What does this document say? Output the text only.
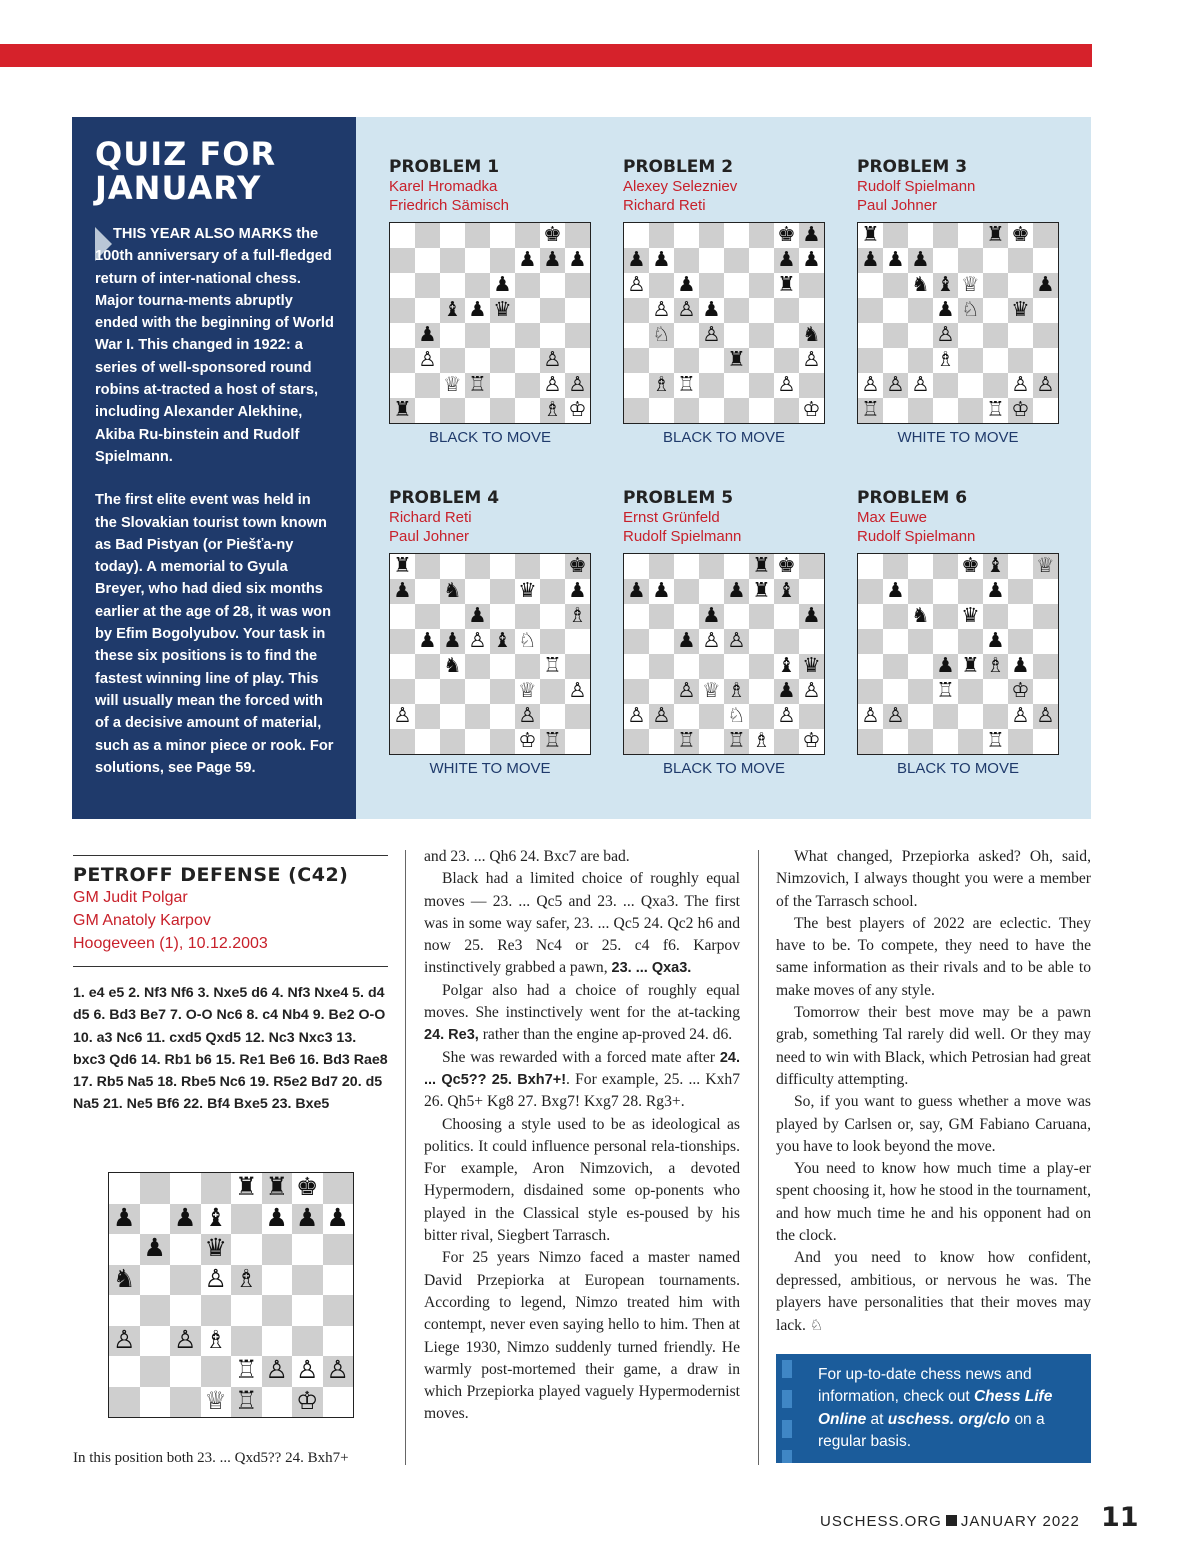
QUIZ FOR
JANUARY

THIS YEAR ALSO MARKS the 100th anniversary of a full-fledged return of inter-national chess. Major tourna-ments abruptly ended with the beginning of World War I. This changed in 1922: a series of well-sponsored round robins at-tracted a host of stars, including Alexander Alekhine, Akiba Ru-binstein and Rudolf Spielmann.

The first elite event was held in the Slovakian tourist town known as Bad Pistyan (or Piešťa-ny today). A memorial to Gyula Breyer, who had died six months earlier at the age of 28, it was won by Efim Bogolyubov. Your task in these six positions is to find the fastest winning line of play. This will usually mean the forced with of a decisive amount of material, such as a minor piece or rook. For solutions, see Page 59.

PROBLEM 1
Karel Hromadka
Friedrich Sämisch
♚
♟ ♟ ♟
♟
♝ ♟ ♛
♟
♙	♙
♕ ♖	♙ ♙
♜	♗ ♔
BLACK TO MOVE
PROBLEM 2
Alexey Selezniev
Richard Reti
♚ ♟
♟ ♟	♟ ♟
♙ ♟	♜
♙ ♙ ♟
♘ ♙	♞
♜	♙
♗ ♖	♙
♔
BLACK TO MOVE
PROBLEM 3
Rudolf Spielmann
Paul Johner
♜	♜ ♚
♟ ♟ ♟
♞ ♝ ♕	♟
♟ ♘ ♛
♙
♗
♙ ♙ ♙	♙ ♙
♖	♖ ♔
WHITE TO MOVE
PROBLEM 4
Richard Reti
Paul Johner
♜	♚
♟ ♞	♛ ♟
♟	♗
♟ ♟ ♙ ♝ ♘
♞	♖
♕ ♙
♙	♙
♔ ♖
WHITE TO MOVE
PROBLEM 5
Ernst Grünfeld
Rudolf Spielmann
♜ ♚
♟ ♟	♟ ♜ ♝
♟	♟
♟ ♙ ♙
♝ ♛
♙ ♕ ♗ ♟ ♙
♙ ♙	♘ ♙
♖ ♖ ♗ ♔
BLACK TO MOVE
PROBLEM 6
Max Euwe
Rudolf Spielmann
♚ ♝ ♕
♟	♟
♞ ♛
♟
♟ ♜ ♗ ♟
♖	♔
♙ ♙	♙ ♙
♖
BLACK TO MOVE
PETROFF DEFENSE (C42)
GM Judit Polgar
GM Anatoly Karpov
Hoogeveen (1), 10.12.2003
1. e4 e5 2. Nf3 Nf6 3. Nxe5 d6 4. Nf3 Nxe4 5. d4 d5 6. Bd3 Be7 7. O-O Nc6 8. c4 Nb4 9. Be2 O-O 10. a3 Nc6 11. cxd5 Qxd5 12. Nc3 Nxc3 13. bxc3 Qd6 14. Rb1 b6 15. Re1 Be6 16. Bd3 Rae8 17. Rb5 Na5 18. Rbe5 Nc6 19. R5e2 Bd7 20. d5 Na5 21. Ne5 Bf6 22. Bf4 Bxe5 23. Bxe5
♜ ♜ ♚
♟ ♟ ♝ ♟ ♟ ♟
♟ ♛
♞	♙ ♗
♙ ♙ ♗
♖ ♙ ♙ ♙
♕ ♖ ♔
In this position both 23. ... Qxd5?? 24. Bxh7+

and 23. ... Qh6 24. Bxc7 are bad.

Black had a limited choice of roughly equal moves — 23. ... Qc5 and 23. ... Qxa3. The first was in some way safer, 23. ... Qc5 24. Qc2 h6 and now 25. Re3 Nc4 or 25. c4 f6. Karpov instinctively grabbed a pawn, 23. ... Qxa3.

Polgar also had a choice of roughly equal moves. She instinctively went for the at-tacking 24. Re3, rather than the engine ap-proved 24. d6.

She was rewarded with a forced mate after 24. ... Qc5?? 25. Bxh7+!. For example, 25. ... Kxh7 26. Qh5+ Kg8 27. Bxg7! Kxg7 28. Rg3+.

Choosing a style used to be as ideological as politics. It could influence personal rela-tionships. For example, Aron Nimzovich, a devoted Hypermodern, disdained some op-ponents who played in the Classical style es-poused by his bitter rival, Siegbert Tarrasch.

For 25 years Nimzo faced a master named David Przepiorka at European tournaments. According to legend, Nimzo treated him with contempt, never even saying hello to him. Then at Liege 1930, Nimzo suddenly turned friendly. He warmly post-mortemed their game, a draw in which Przepiorka played vaguely Hypermodernist moves.

What changed, Przepiorka asked? Oh, said, Nimzovich, I always thought you were a member of the Tarrasch school.

The best players of 2022 are eclectic. They have to be. To compete, they need to have the same information as their rivals and to be able to make moves of any style.

Tomorrow their best move may be a pawn grab, something Tal rarely did well. Or they may need to win with Black, which Petrosian had great difficulty attempting.

So, if you want to guess whether a move was played by Carlsen or, say, GM Fabiano Caruana, you have to look beyond the move.

You need to know how much time a play-er spent choosing it, how he stood in the tournament, and how much time he and his opponent had on the clock.

And you need to know how confident, depressed, ambitious, or nervous he was. The players have personalities that their moves may lack. ♘

For up-to-date chess news and information, check out Chess Life Online at uschess. org/clo on a regular basis.
USCHESS.ORG JANUARY 2022 11
